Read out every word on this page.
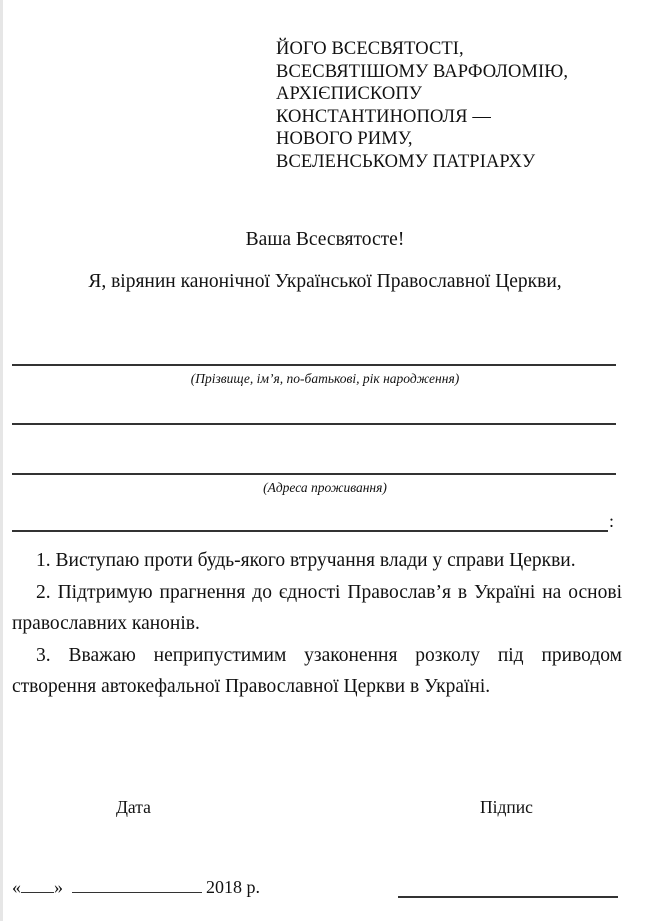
ЙОГО ВСЕСВЯТОСТІ,
ВСЕСВЯТІШОМУ ВАРФОЛОМІЮ,
АРХІЄПИСКОПУ
КОНСТАНТИНОПОЛЯ —
НОВОГО РИМУ,
ВСЕЛЕНСЬКОМУ ПАТРІАРХУ
Ваша Всесвятосте!
Я, вірянин канонічної Української Православної Церкви,
(Прізвище, ім’я, по-батькові, рік народження)
(Адреса проживання)
:

1. Виступаю проти будь-якого втручання влади у справи Церкви.

2. Підтримую прагнення до єдності Православ’я в Україні на основі православних канонів.

3. Вважаю неприпустимим узаконення розколу під приводом створення автокефальної Православної Церкви в Україні.

Дата	Підпис
« »	2018 р.
